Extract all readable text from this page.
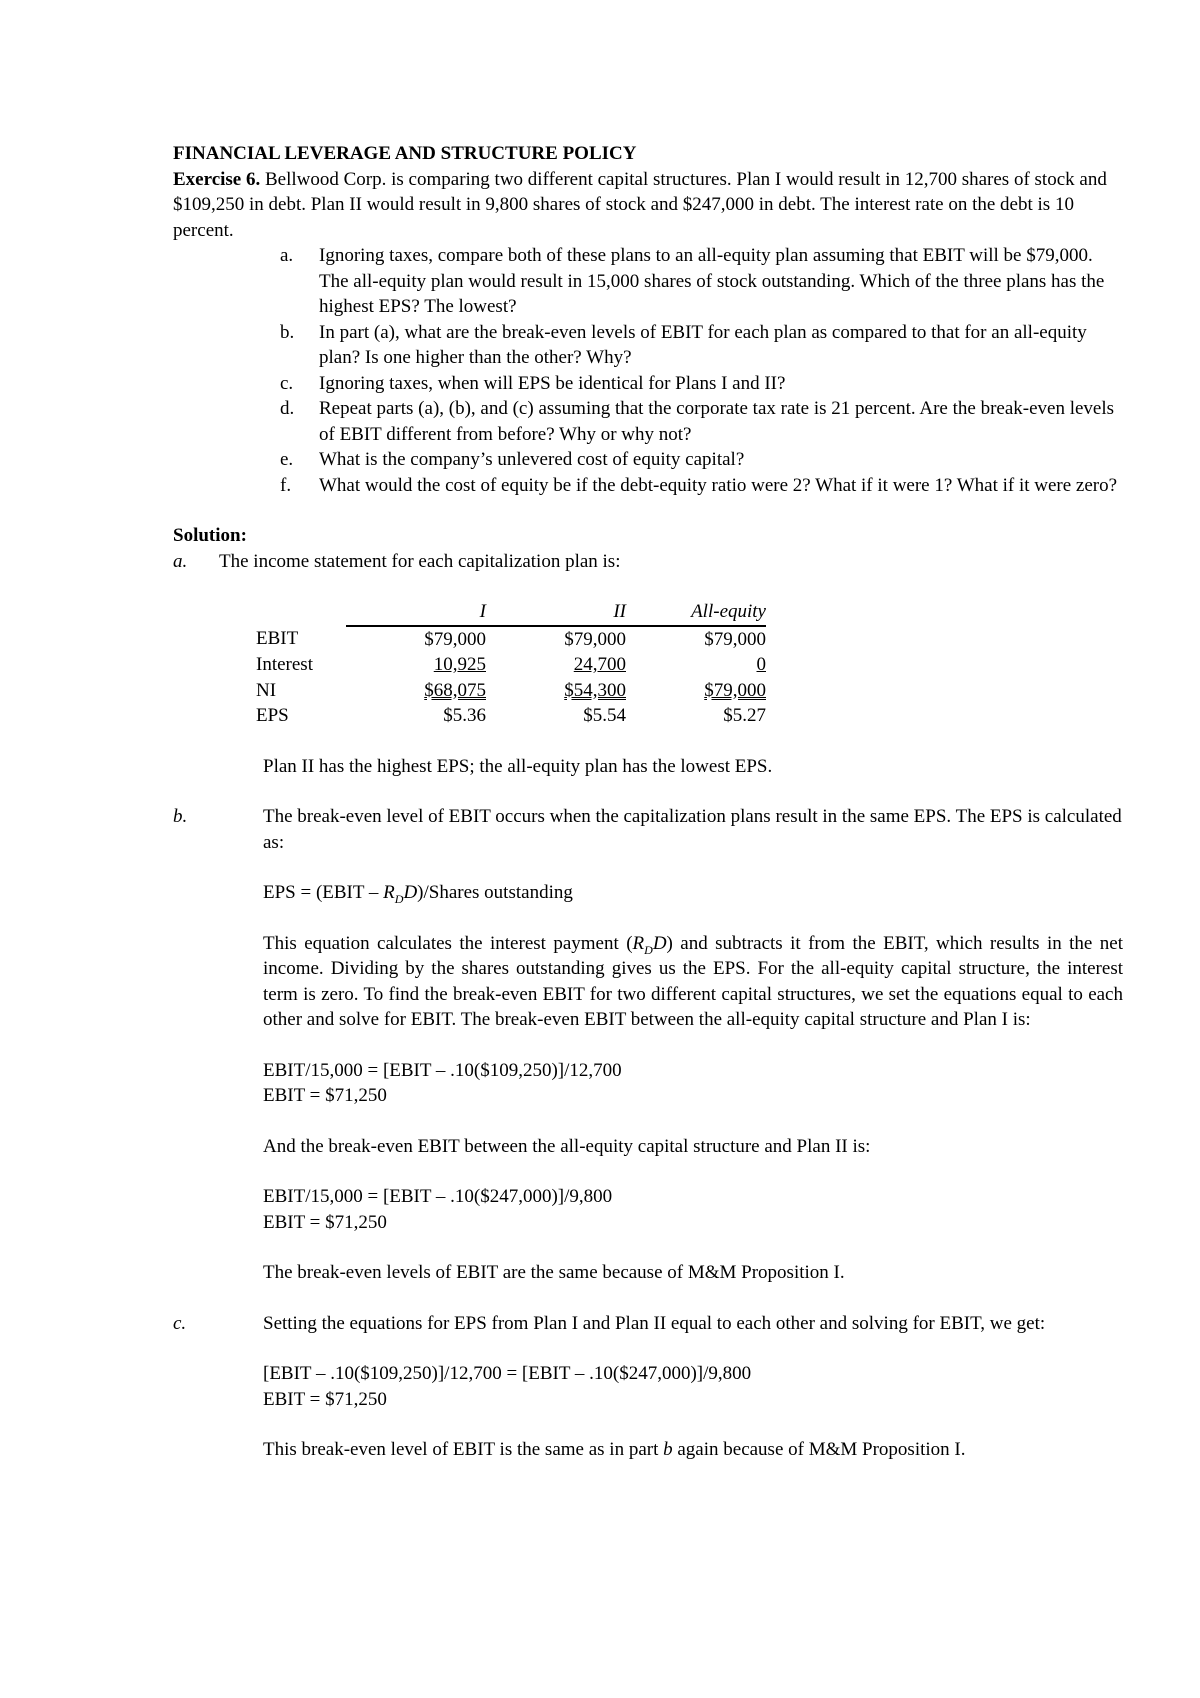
FINANCIAL LEVERAGE AND STRUCTURE POLICY

Exercise 6. Bellwood Corp. is comparing two different capital structures. Plan I would result in 12,700 shares of stock and $109,250 in debt. Plan II would result in 9,800 shares of stock and $247,000 in debt. The interest rate on the debt is 10 percent.

a. Ignoring taxes, compare both of these plans to an all-equity plan assuming that EBIT will be $79,000. The all-equity plan would result in 15,000 shares of stock outstanding. Which of the three plans has the highest EPS? The lowest?
b. In part (a), what are the break-even levels of EBIT for each plan as compared to that for an all-equity plan? Is one higher than the other? Why?
c. Ignoring taxes, when will EPS be identical for Plans I and II?
d. Repeat parts (a), (b), and (c) assuming that the corporate tax rate is 21 percent. Are the break-even levels of EBIT different from before? Why or why not?
e. What is the company’s unlevered cost of equity capital?
f. What would the cost of equity be if the debt-equity ratio were 2? What if it were 1? What if it were zero?

Solution:

a. The income statement for each capitalization plan is:

	I	II	All-equity
EBIT	$79,000	$79,000	$79,000
Interest	10,925	24,700	0
NI	$68,075	$54,300	$79,000
EPS	$5.36	$5.54	$5.27

Plan II has the highest EPS; the all-equity plan has the lowest EPS.

b.	The break-even level of EBIT occurs when the capitalization plans result in the same EPS. The EPS is calculated as:

EPS = (EBIT – $R_DD$)/Shares outstanding

This equation calculates the interest payment $(R_DD)$ and subtracts it from the EBIT, which results in the net income. Dividing by the shares outstanding gives us the EPS. For the all-equity capital structure, the interest term is zero. To find the break-even EBIT for two different capital structures, we set the equations equal to each other and solve for EBIT. The break-even EBIT between the all-equity capital structure and Plan I is:

EBIT/15,000 = [EBIT – .10($109,250)]/12,700

EBIT = $71,250

And the break-even EBIT between the all-equity capital structure and Plan II is:

EBIT/15,000 = [EBIT – .10($247,000)]/9,800

EBIT = $71,250

The break-even levels of EBIT are the same because of M&M Proposition I.

c.	Setting the equations for EPS from Plan I and Plan II equal to each other and solving for EBIT, we get:

[EBIT – .10($109,250)]/12,700 = [EBIT – .10($247,000)]/9,800

EBIT = $71,250

This break-even level of EBIT is the same as in part b again because of M&M Proposition I.
